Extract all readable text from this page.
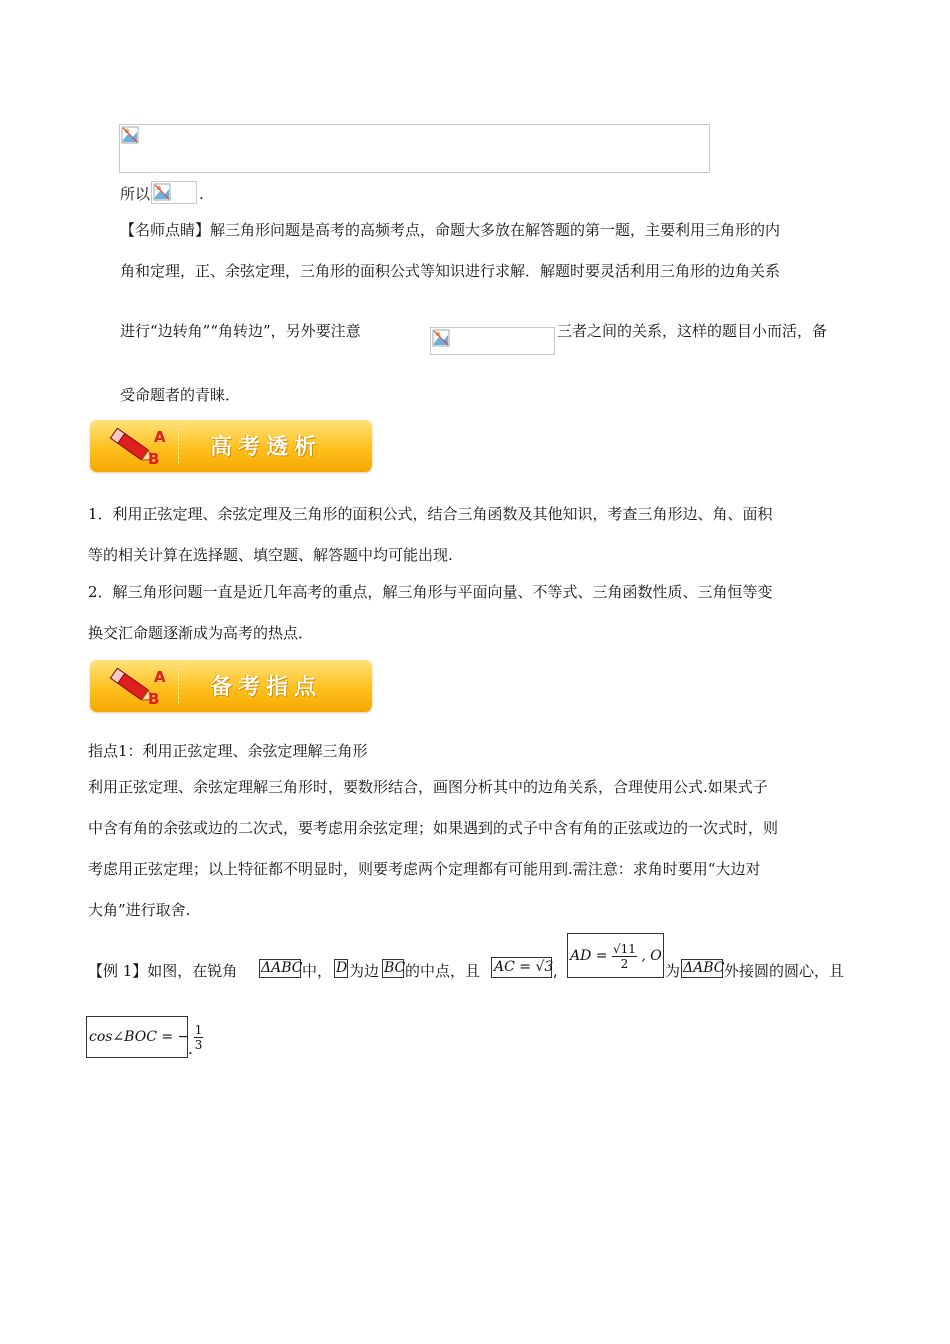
所以	.
【名师点睛】解三角形问题是高考的高频考点，命题大多放在解答题的第一题，主要利用三角形的内
角和定理，正、余弦定理，三角形的面积公式等知识进行求解．解题时要灵活利用三角形的边角关系
进行“边转角”“角转边”，另外要注意	三者之间的关系，这样的题目小而活，备
受命题者的青睐．
A
B 高考透析
1．利用正弦定理、余弦定理及三角形的面积公式，结合三角函数及其他知识，考查三角形边、角、面积
等的相关计算在选择题、填空题、解答题中均可能出现.
2．解三角形问题一直是近几年高考的重点，解三角形与平面向量、不等式、三角函数性质、三角恒等变
换交汇命题逐渐成为高考的热点．
A
B 备考指点
指点1：利用正弦定理、余弦定理解三角形
利用正弦定理、余弦定理解三角形时，要数形结合，画图分析其中的边角关系，合理使用公式.如果式子
中含有角的余弦或边的二次式，要考虑用余弦定理；如果遇到的式子中含有角的正弦或边的一次式时，则
考虑用正弦定理；以上特征都不明显时，则要考虑两个定理都有可能用到.需注意：求角时要用“大边对
大角”进行取舍.
【例 1】如图，在锐角 ΔABC 中， D 为边 BC 的中点，且 AC = √3 ,
AD = $\frac{√11}{2}$ , O
为 ΔABC 外接圆的圆心，且
cos∠BOC = − $\frac{1}{3}$
.
